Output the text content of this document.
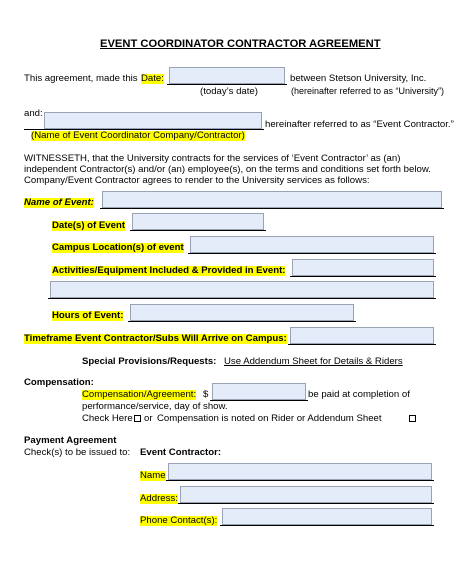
EVENT COORDINATOR CONTRACTOR AGREEMENT
This agreement, made this Date:	between Stetson University, Inc.
(today’s date)	(hereinafter referred to as “University”)
and:
hereinafter referred to as “Event Contractor.”
(Name of Event Coordinator Company/Contractor)
WITNESSETH, that the University contracts for the services of ‘Event Contractor’ as (an)
independent Contractor(s) and/or (an) employee(s), on the terms and conditions set forth below.
Company/Event Contractor agrees to render to the University services as follows:
Name of Event:
Date(s) of Event
Campus Location(s) of event
Activities/Equipment Included & Provided in Event:
Hours of Event:
Timeframe Event Contractor/Subs Will Arrive on Campus:
Special Provisions/Requests: Use Addendum Sheet for Details & Riders
Compensation:
Compensation/Agreement: $	be paid at completion of
performance/service, day of show.
Check Here or Compensation is noted on Rider or Addendum Sheet
Payment Agreement
Check(s) to be issued to: Event Contractor:
Name
Address:
Phone Contact(s):
